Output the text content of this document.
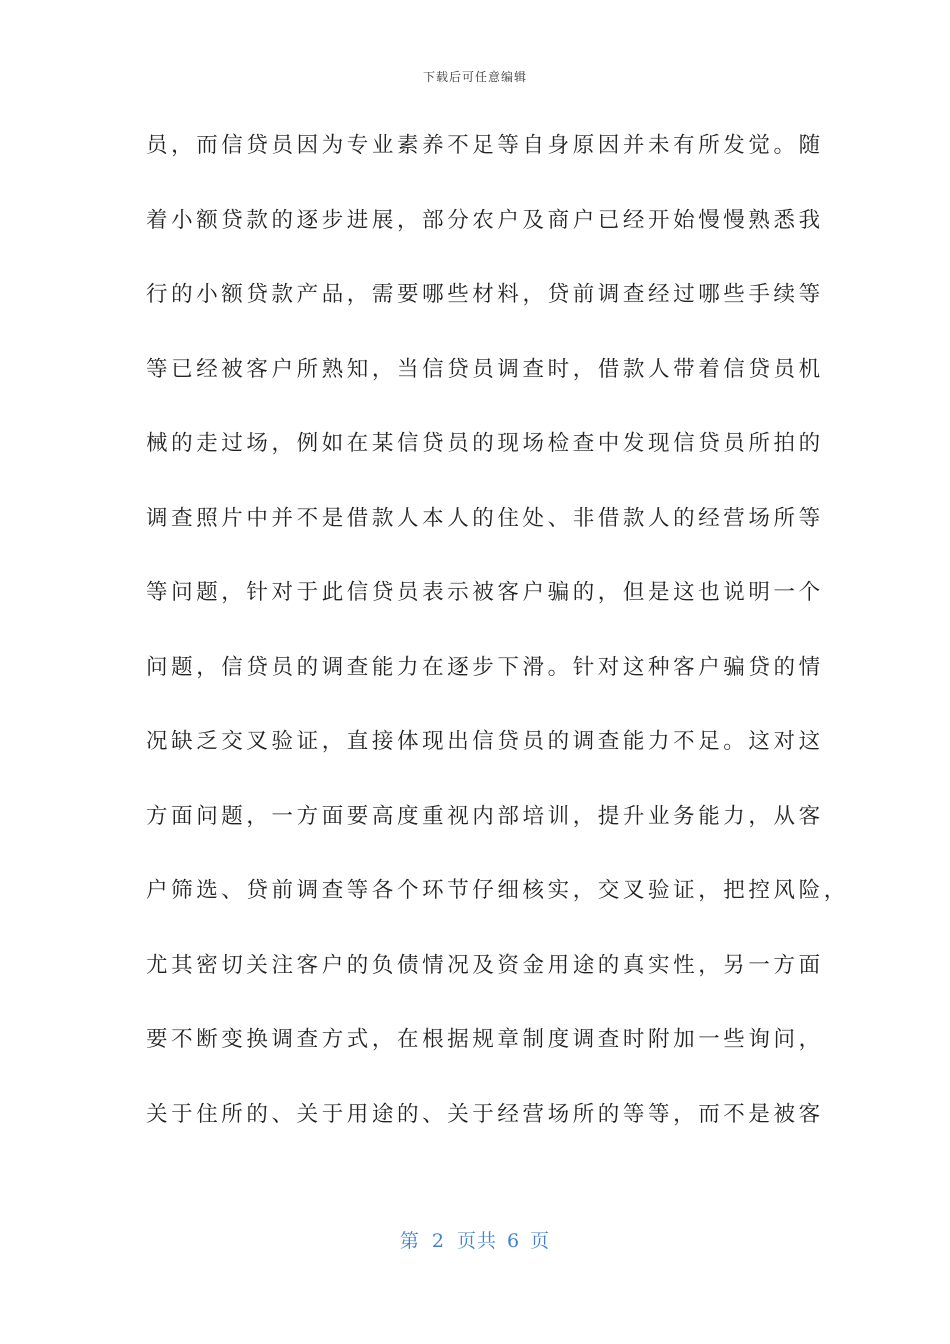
下载后可任意编辑
员，而信贷员因为专业素养不足等自身原因并未有所发觉。随
着小额贷款的逐步进展，部分农户及商户已经开始慢慢熟悉我
行的小额贷款产品，需要哪些材料，贷前调查经过哪些手续等
等已经被客户所熟知，当信贷员调查时，借款人带着信贷员机
械的走过场，例如在某信贷员的现场检查中发现信贷员所拍的
调查照片中并不是借款人本人的住处、非借款人的经营场所等
等问题，针对于此信贷员表示被客户骗的，但是这也说明一个
问题，信贷员的调查能力在逐步下滑。针对这种客户骗贷的情
况缺乏交叉验证，直接体现出信贷员的调查能力不足。这对这
方面问题，一方面要高度重视内部培训，提升业务能力，从客
户筛选、贷前调查等各个环节仔细核实，交叉验证，把控风险，
尤其密切关注客户的负债情况及资金用途的真实性，另一方面
要不断变换调查方式，在根据规章制度调查时附加一些询问，
关于住所的、关于用途的、关于经营场所的等等，而不是被客
第 2 页共 6 页
